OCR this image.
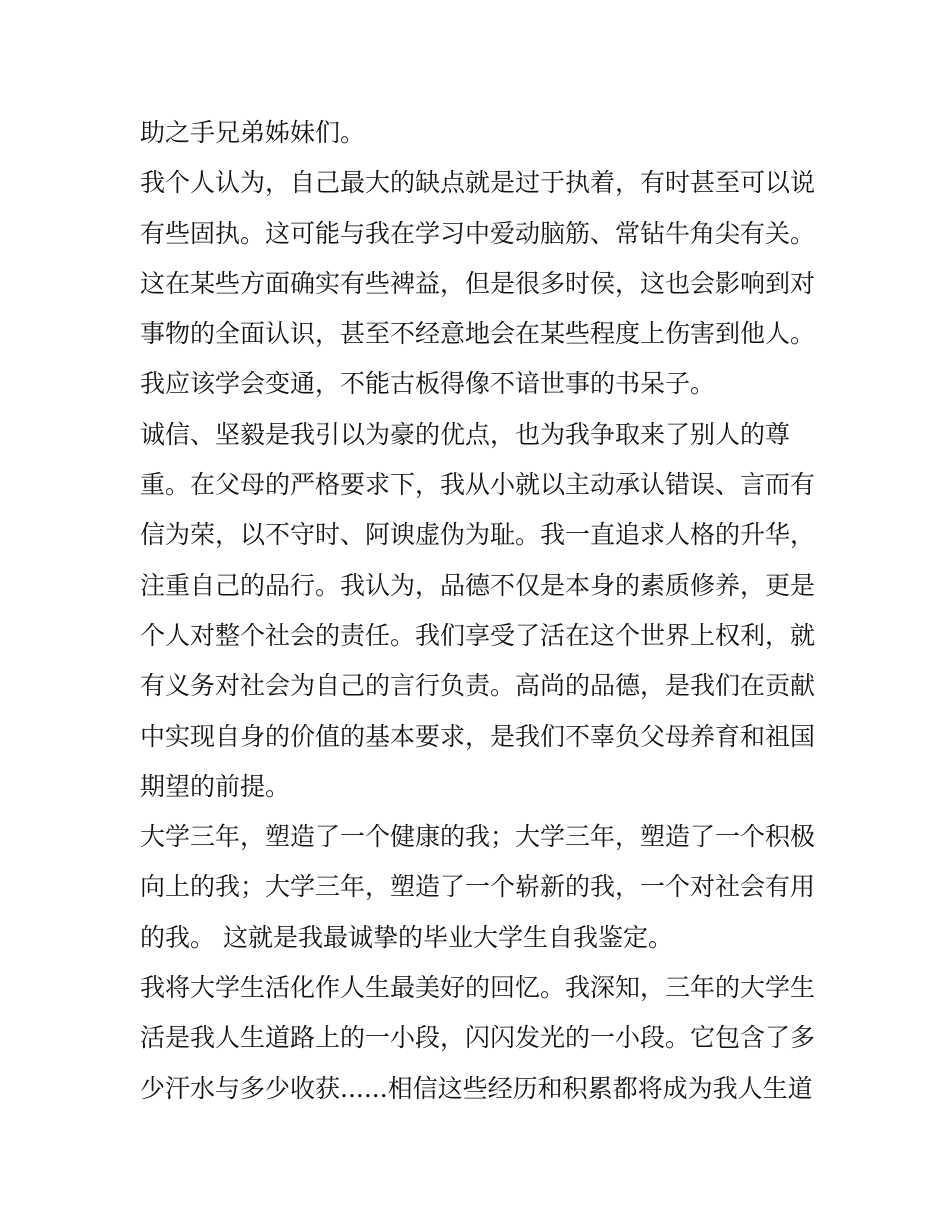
助之手兄弟姊妹们。
我个人认为，自己最大的缺点就是过于执着，有时甚至可以说
有些固执。这可能与我在学习中爱动脑筋、常钻牛角尖有关。
这在某些方面确实有些裨益，但是很多时侯，这也会影响到对
事物的全面认识，甚至不经意地会在某些程度上伤害到他人。
我应该学会变通，不能古板得像不谙世事的书呆子。
诚信、坚毅是我引以为豪的优点，也为我争取来了别人的尊
重。在父母的严格要求下，我从小就以主动承认错误、言而有
信为荣，以不守时、阿谀虚伪为耻。我一直追求人格的升华，
注重自己的品行。我认为，品德不仅是本身的素质修养，更是
个人对整个社会的责任。我们享受了活在这个世界上权利，就
有义务对社会为自己的言行负责。高尚的品德，是我们在贡献
中实现自身的价值的基本要求，是我们不辜负父母养育和祖国
期望的前提。
大学三年，塑造了一个健康的我；大学三年，塑造了一个积极
向上的我；大学三年，塑造了一个崭新的我，一个对社会有用
的我。 这就是我最诚挚的毕业大学生自我鉴定。
我将大学生活化作人生最美好的回忆。我深知，三年的大学生
活是我人生道路上的一小段，闪闪发光的一小段。它包含了多
少汗水与多少收获......相信这些经历和积累都将成为我人生道
